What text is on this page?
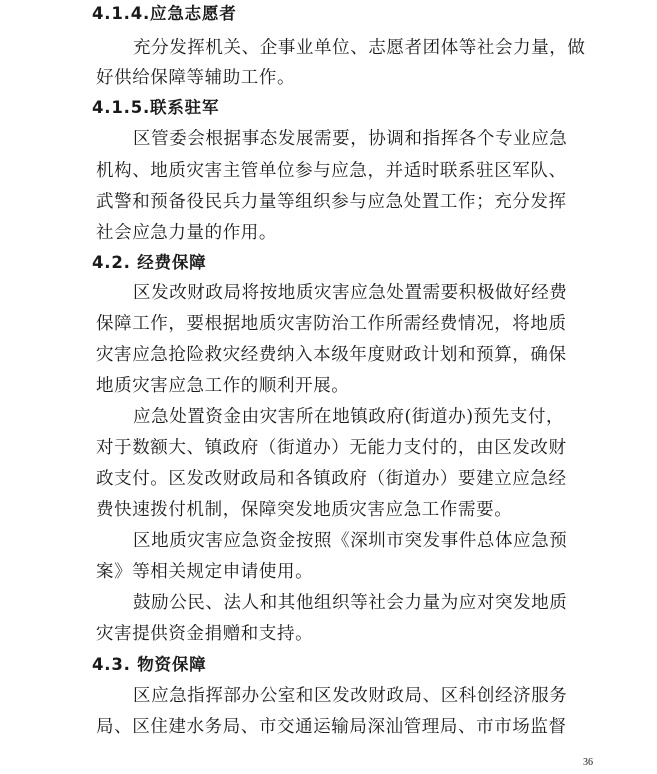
4.1.4.应急志愿者
充分发挥机关、企事业单位、志愿者团体等社会力量，做
好供给保障等辅助工作。
4.1.5.联系驻军
区管委会根据事态发展需要，协调和指挥各个专业应急
机构、地质灾害主管单位参与应急，并适时联系驻区军队、
武警和预备役民兵力量等组织参与应急处置工作；充分发挥
社会应急力量的作用。
4.2. 经费保障
区发改财政局将按地质灾害应急处置需要积极做好经费
保障工作，要根据地质灾害防治工作所需经费情况，将地质
灾害应急抢险救灾经费纳入本级年度财政计划和预算，确保
地质灾害应急工作的顺利开展。
应急处置资金由灾害所在地镇政府(街道办)预先支付，
对于数额大、镇政府（街道办）无能力支付的，由区发改财
政支付。区发改财政局和各镇政府（街道办）要建立应急经
费快速拨付机制，保障突发地质灾害应急工作需要。
区地质灾害应急资金按照《深圳市突发事件总体应急预
案》等相关规定申请使用。
鼓励公民、法人和其他组织等社会力量为应对突发地质
灾害提供资金捐赠和支持。
4.3. 物资保障
区应急指挥部办公室和区发改财政局、区科创经济服务
局、区住建水务局、市交通运输局深汕管理局、市市场监督
36
